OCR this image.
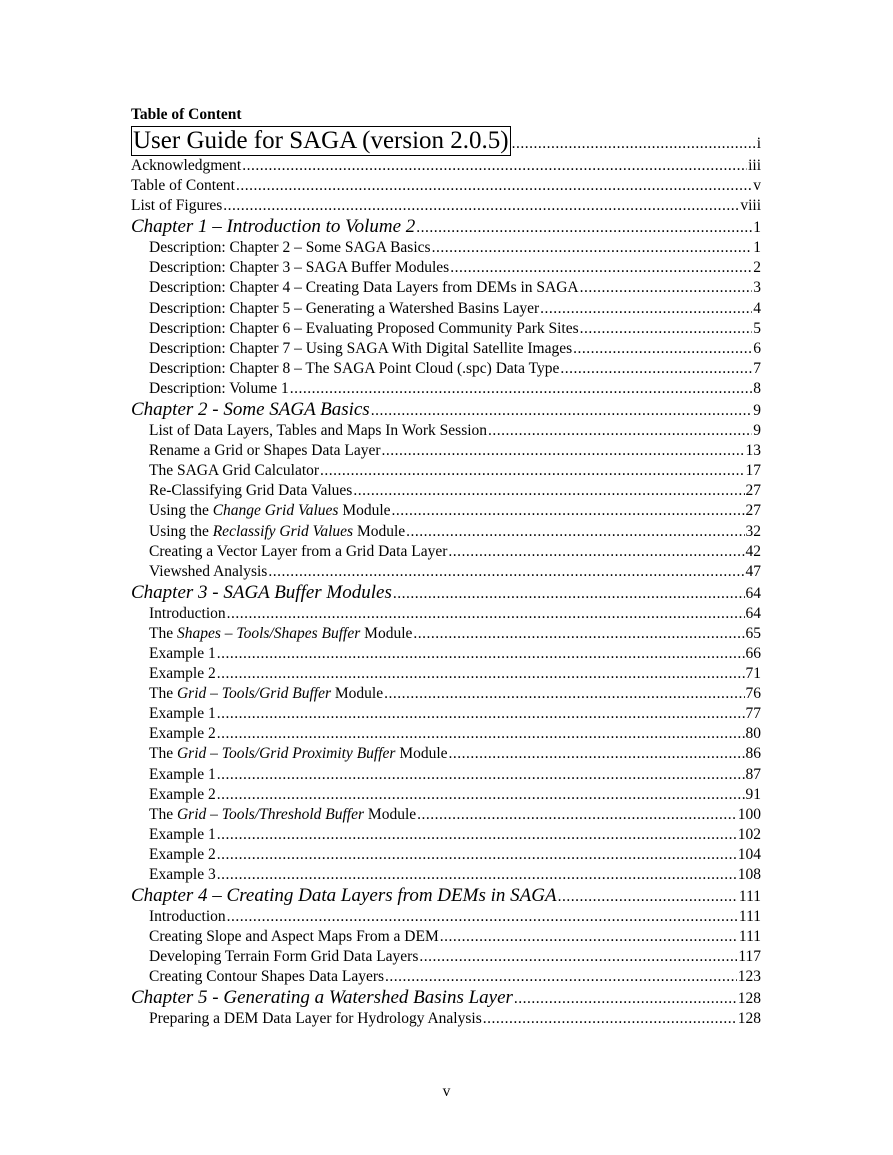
Table of Content
User Guide for SAGA (version 2.0.5) .....	i
Acknowledgment .....	iii
Table of Content .....	v
List of Figures .....	viii
Chapter 1 – Introduction to Volume 2 .....	1
Description: Chapter 2 – Some SAGA Basics .....	1
Description: Chapter 3 – SAGA Buffer Modules .....	2
Description: Chapter 4 – Creating Data Layers from DEMs in SAGA .....	3
Description: Chapter 5 – Generating a Watershed Basins Layer .....	4
Description: Chapter 6 – Evaluating Proposed Community Park Sites .....	5
Description: Chapter 7 – Using SAGA With Digital Satellite Images .....	6
Description: Chapter 8 – The SAGA Point Cloud (.spc) Data Type .....	7
Description: Volume 1 .....	8
Chapter 2 - Some SAGA Basics .....	9
List of Data Layers, Tables and Maps In Work Session .....	9
Rename a Grid or Shapes Data Layer .....	13
The SAGA Grid Calculator .....	17
Re-Classifying Grid Data Values .....	27
Using the Change Grid Values Module .....	27
Using the Reclassify Grid Values Module .....	32
Creating a Vector Layer from a Grid Data Layer .....	42
Viewshed Analysis .....	47
Chapter 3 - SAGA Buffer Modules .....	64
Introduction .....	64
The Shapes – Tools/Shapes Buffer Module .....	65
Example 1 .....	66
Example 2 .....	71
The Grid – Tools/Grid Buffer Module .....	76
Example 1 .....	77
Example 2 .....	80
The Grid – Tools/Grid Proximity Buffer Module .....	86
Example 1 .....	87
Example 2 .....	91
The Grid – Tools/Threshold Buffer Module .....	100
Example 1 .....	102
Example 2 .....	104
Example 3 .....	108
Chapter 4 – Creating Data Layers from DEMs in SAGA .....	111
Introduction .....	111
Creating Slope and Aspect Maps From a DEM .....	111
Developing Terrain Form Grid Data Layers .....	117
Creating Contour Shapes Data Layers .....	123
Chapter 5 - Generating a Watershed Basins Layer .....	128
Preparing a DEM Data Layer for Hydrology Analysis .....	128
v
